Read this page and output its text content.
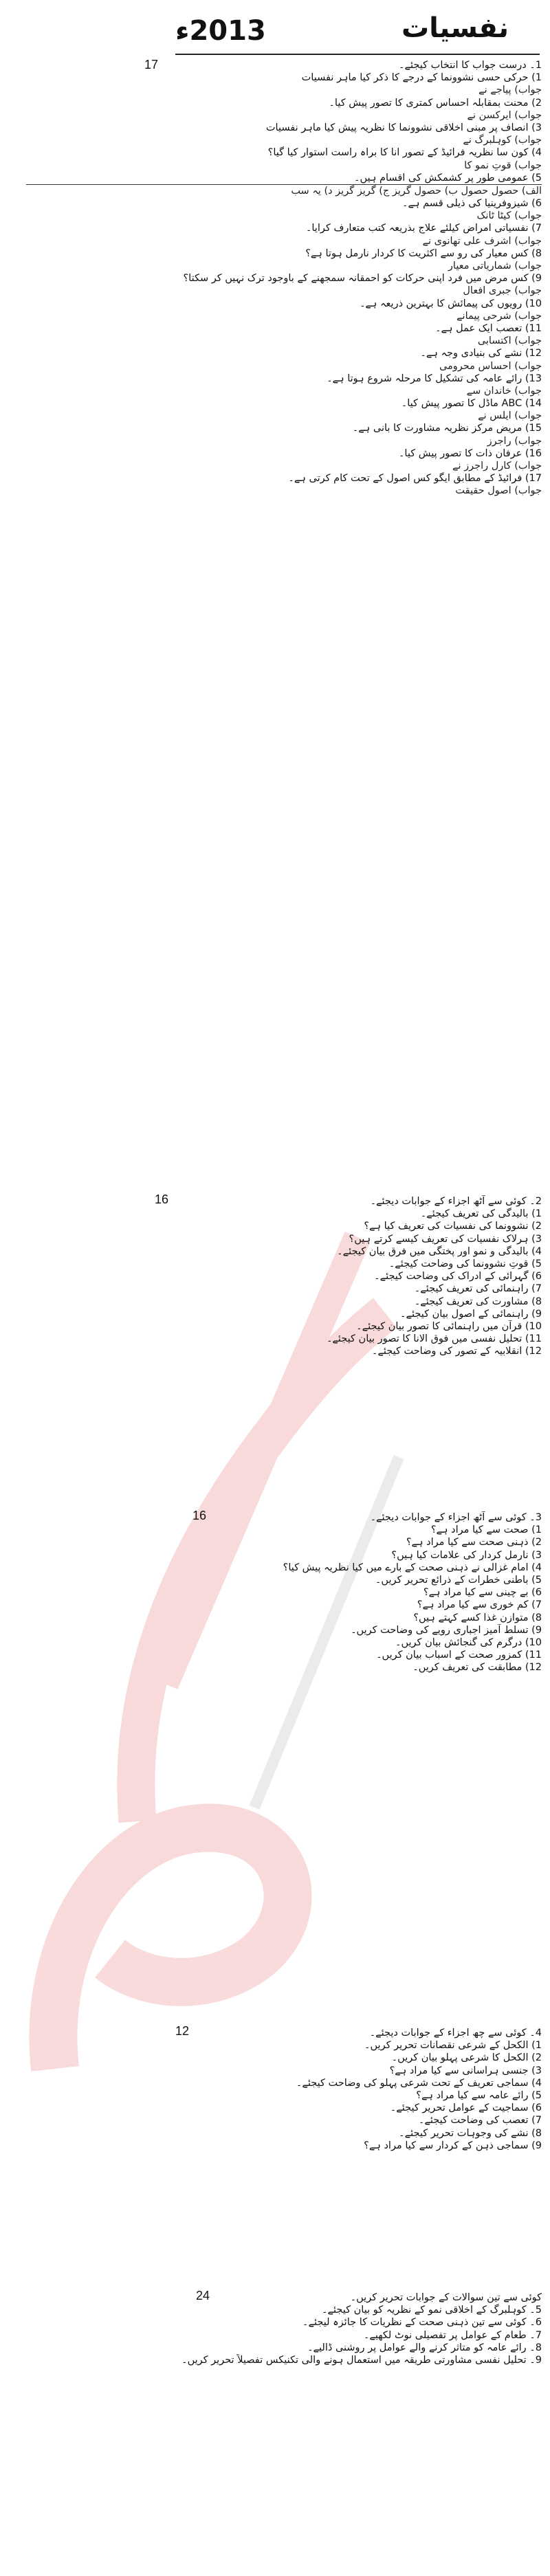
نفسیات
2013ء
17	1۔ درست جواب کا انتخاب کیجئے۔
1) حرکی حسی نشوونما کے درجے کا ذکر کیا ماہر نفسیات
جواب) پیاجے نے
2) محنت بمقابلہ احساس کمتری کا تصور پیش کیا۔
جواب) ایرکسن نے
3) انصاف پر مبنی اخلاقی نشوونما کا نظریہ پیش کیا ماہر نفسیات
جواب) کوہلبرگ نے
4) کون سا نظریہ فرائیڈ کے تصور انا کا براہ راست استوار کیا گیا؟
جواب) قوتِ نمو کا
5) عمومی طور پر کشمکش کی اقسام ہیں۔
الف) حصول حصول ب) حصول گریز ج) گریز گریز د) یہ سب
6) شیزوفرینیا کی ذیلی قسم ہے۔
جواب) کیٹا ٹانک
7) نفسیاتی امراض کیلئے علاج بذریعہ کتب متعارف کرایا۔
جواب) اشرف علی تھانوی نے
8) کس معیار کی رو سے اکثریت کا کردار نارمل ہوتا ہے؟
جواب) شماریاتی معیار
9) کس مرض میں فرد اپنی حرکات کو احمقانہ سمجھنے کے باوجود ترک نہیں کر سکتا؟
جواب) جبری افعال
10) رویوں کی پیمائش کا بہترین ذریعہ ہے۔
جواب) شرحی پیمانے
11) تعصب ایک عمل ہے۔
جواب) اکتسابی
12) نشے کی بنیادی وجہ ہے۔
جواب) احساس محرومی
13) رائے عامہ کی تشکیل کا مرحلہ شروع ہوتا ہے۔
جواب) خاندان سے
14) ABC ماڈل کا تصور پیش کیا۔
جواب) ایلس نے
15) مریض مرکز نظریہ مشاورت کا بانی ہے۔
جواب) راجرز
16) عرفان ذات کا تصور پیش کیا۔
جواب) کارل راجرز نے
17) فرائیڈ کے مطابق ایگو کس اصول کے تحت کام کرتی ہے۔
جواب) اصول حقیقت
16	2۔ کوئی سے آٹھ اجزاء کے جوابات دیجئے۔
1) بالیدگی کی تعریف کیجئے۔
2) نشوونما کی نفسیات کی تعریف کیا ہے؟
3) ہرلاک نفسیات کی تعریف کیسے کرتے ہیں؟
4) بالیدگی و نمو اور پختگی میں فرق بیان کیجئے۔
5) قوتِ نشوونما کی وضاحت کیجئے۔
6) گہرائی کے ادراک کی وضاحت کیجئے۔
7) راہنمائی کی تعریف کیجئے۔
8) مشاورت کی تعریف کیجئے۔
9) راہنمائی کے اصول بیان کیجئے۔
10) قرآن میں راہنمائی کا تصور بیان کیجئے۔
11) تحلیل نفسی میں فوق الانا کا تصور بیان کیجئے۔
12) انقلابیہ کے تصور کی وضاحت کیجئے۔
16	3۔ کوئی سے آٹھ اجزاء کے جوابات دیجئے۔
1) صحت سے کیا مراد ہے؟
2) ذہنی صحت سے کیا مراد ہے؟
3) نارمل کردار کی علامات کیا ہیں؟
4) امام غزالی نے ذہنی صحت کے بارے میں کیا نظریہ پیش کیا؟
5) باطنی خطرات کے ذرائع تحریر کریں۔
6) بے چینی سے کیا مراد ہے؟
7) کم خوری سے کیا مراد ہے؟
8) متوازن غذا کسے کہتے ہیں؟
9) تسلط آمیز اجباری رویے کی وضاحت کریں۔
10) درگرم کی گنجائش بیان کریں۔
11) کمزور صحت کے اسباب بیان کریں۔
12) مطابقت کی تعریف کریں۔
12	4۔ کوئی سے چھ اجزاء کے جوابات دیجئے۔
1) الکحل کے شرعی نقصانات تحریر کریں۔
2) الکحل کا شرعی پہلو بیان کریں۔
3) جنسی ہراسانی سے کیا مراد ہے؟
4) سماجی تعریف کے تحت شرعی پہلو کی وضاحت کیجئے۔
5) رائے عامہ سے کیا مراد ہے؟
6) سماجیت کے عوامل تحریر کیجئے۔
7) تعصب کی وضاحت کیجئے۔
8) نشے کی وجوہات تحریر کیجئے۔
9) سماجی ذہن کے کردار سے کیا مراد ہے؟
24	کوئی سے تین سوالات کے جوابات تحریر کریں۔
5۔ کوہلبرگ کے اخلاقی نمو کے نظریہ کو بیان کیجئے۔
6۔ کوئی سے تین ذہنی صحت کے نظریات کا جائزہ لیجئے۔
7۔ طعام کے عوامل پر تفصیلی نوٹ لکھیے۔
8۔ رائے عامہ کو متاثر کرنے والے عوامل پر روشنی ڈالیے۔
9۔ تحلیل نفسی مشاورتی طریقہ میں استعمال ہونے والی تکنیکس تفصیلاً تحریر کریں۔
